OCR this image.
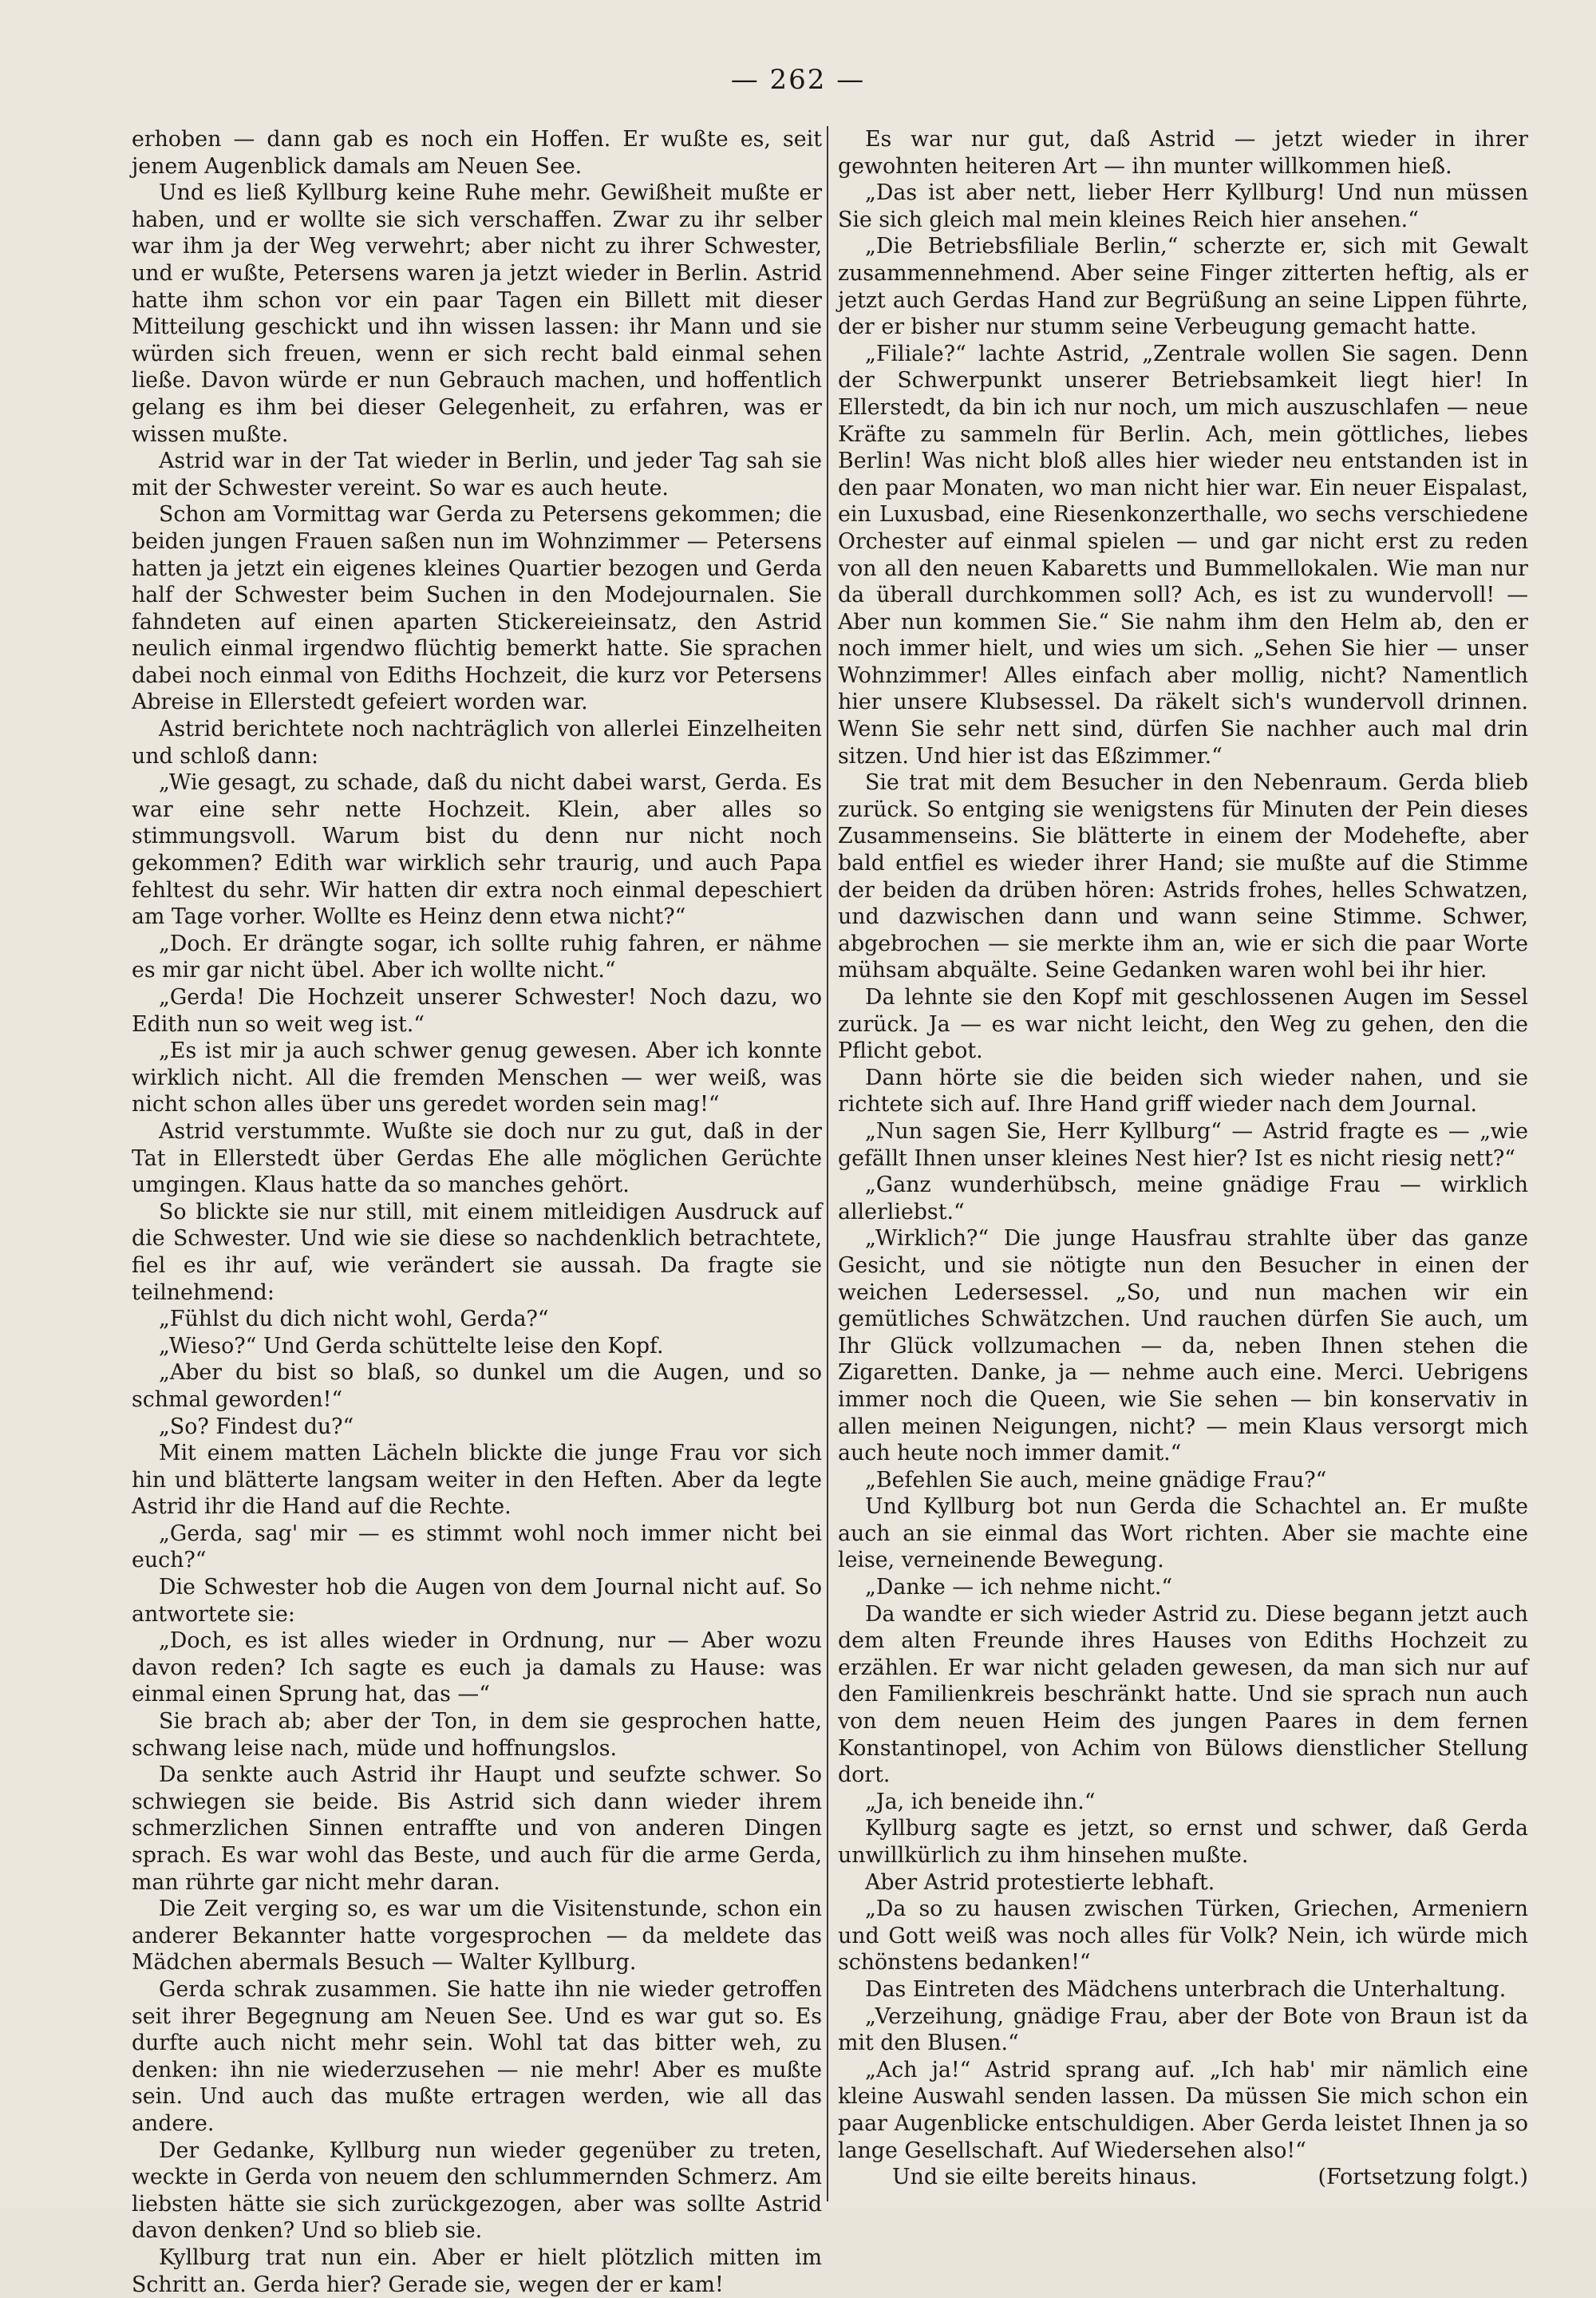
— 262 —

erhoben — dann gab es noch ein Hoffen. Er wußte es, seit jenem Augenblick damals am Neuen See.

Und es ließ Kyllburg keine Ruhe mehr. Gewißheit mußte er haben, und er wollte sie sich verschaffen. Zwar zu ihr selber war ihm ja der Weg verwehrt; aber nicht zu ihrer Schwester, und er wußte, Petersens waren ja jetzt wieder in Berlin. Astrid hatte ihm schon vor ein paar Tagen ein Billett mit dieser Mitteilung geschickt und ihn wissen lassen: ihr Mann und sie würden sich freuen, wenn er sich recht bald einmal sehen ließe. Davon würde er nun Gebrauch machen, und hoffentlich gelang es ihm bei dieser Gelegenheit, zu erfahren, was er wissen mußte.

Astrid war in der Tat wieder in Berlin, und jeder Tag sah sie mit der Schwester vereint. So war es auch heute.

Schon am Vormittag war Gerda zu Petersens gekommen; die beiden jungen Frauen saßen nun im Wohnzimmer — Petersens hatten ja jetzt ein eigenes kleines Quartier bezogen und Gerda half der Schwester beim Suchen in den Modejournalen. Sie fahndeten auf einen aparten Stickereieinsatz, den Astrid neulich einmal irgendwo flüchtig bemerkt hatte. Sie sprachen dabei noch einmal von Ediths Hochzeit, die kurz vor Petersens Abreise in Ellerstedt gefeiert worden war.

Astrid berichtete noch nachträglich von allerlei Einzelheiten und schloß dann:

„Wie gesagt, zu schade, daß du nicht dabei warst, Gerda. Es war eine sehr nette Hochzeit. Klein, aber alles so stimmungsvoll. Warum bist du denn nur nicht noch gekommen? Edith war wirklich sehr traurig, und auch Papa fehltest du sehr. Wir hatten dir extra noch einmal depeschiert am Tage vorher. Wollte es Heinz denn etwa nicht?“

„Doch. Er drängte sogar, ich sollte ruhig fahren, er nähme es mir gar nicht übel. Aber ich wollte nicht.“

„Gerda! Die Hochzeit unserer Schwester! Noch dazu, wo Edith nun so weit weg ist.“

„Es ist mir ja auch schwer genug gewesen. Aber ich konnte wirklich nicht. All die fremden Menschen — wer weiß, was nicht schon alles über uns geredet worden sein mag!“

Astrid verstummte. Wußte sie doch nur zu gut, daß in der Tat in Ellerstedt über Gerdas Ehe alle möglichen Gerüchte umgingen. Klaus hatte da so manches gehört.

So blickte sie nur still, mit einem mitleidigen Ausdruck auf die Schwester. Und wie sie diese so nachdenklich betrachtete, fiel es ihr auf, wie verändert sie aussah. Da fragte sie teilnehmend:

„Fühlst du dich nicht wohl, Gerda?“

„Wieso?“ Und Gerda schüttelte leise den Kopf.

„Aber du bist so blaß, so dunkel um die Augen, und so schmal geworden!“

„So? Findest du?“

Mit einem matten Lächeln blickte die junge Frau vor sich hin und blätterte langsam weiter in den Heften. Aber da legte Astrid ihr die Hand auf die Rechte.

„Gerda, sag' mir — es stimmt wohl noch immer nicht bei euch?“

Die Schwester hob die Augen von dem Journal nicht auf. So antwortete sie:

„Doch, es ist alles wieder in Ordnung, nur — Aber wozu davon reden? Ich sagte es euch ja damals zu Hause: was einmal einen Sprung hat, das —“

Sie brach ab; aber der Ton, in dem sie gesprochen hatte, schwang leise nach, müde und hoffnungslos.

Da senkte auch Astrid ihr Haupt und seufzte schwer. So schwiegen sie beide. Bis Astrid sich dann wieder ihrem schmerzlichen Sinnen entraffte und von anderen Dingen sprach. Es war wohl das Beste, und auch für die arme Gerda, man rührte gar nicht mehr daran.

Die Zeit verging so, es war um die Visitenstunde, schon ein anderer Bekannter hatte vorgesprochen — da meldete das Mädchen abermals Besuch — Walter Kyllburg.

Gerda schrak zusammen. Sie hatte ihn nie wieder getroffen seit ihrer Begegnung am Neuen See. Und es war gut so. Es durfte auch nicht mehr sein. Wohl tat das bitter weh, zu denken: ihn nie wiederzusehen — nie mehr! Aber es mußte sein. Und auch das mußte ertragen werden, wie all das andere.

Der Gedanke, Kyllburg nun wieder gegenüber zu treten, weckte in Gerda von neuem den schlummernden Schmerz. Am liebsten hätte sie sich zurückgezogen, aber was sollte Astrid davon denken? Und so blieb sie.

Kyllburg trat nun ein. Aber er hielt plötzlich mitten im Schritt an. Gerda hier? Gerade sie, wegen der er kam!

Es war nur gut, daß Astrid — jetzt wieder in ihrer gewohnten heiteren Art — ihn munter willkommen hieß.

„Das ist aber nett, lieber Herr Kyllburg! Und nun müssen Sie sich gleich mal mein kleines Reich hier ansehen.“

„Die Betriebsfiliale Berlin,“ scherzte er, sich mit Gewalt zusammennehmend. Aber seine Finger zitterten heftig, als er jetzt auch Gerdas Hand zur Begrüßung an seine Lippen führte, der er bisher nur stumm seine Verbeugung gemacht hatte.

„Filiale?“ lachte Astrid, „Zentrale wollen Sie sagen. Denn der Schwerpunkt unserer Betriebsamkeit liegt hier! In Ellerstedt, da bin ich nur noch, um mich auszuschlafen — neue Kräfte zu sammeln für Berlin. Ach, mein göttliches, liebes Berlin! Was nicht bloß alles hier wieder neu entstanden ist in den paar Monaten, wo man nicht hier war. Ein neuer Eispalast, ein Luxusbad, eine Riesenkonzerthalle, wo sechs verschiedene Orchester auf einmal spielen — und gar nicht erst zu reden von all den neuen Kabaretts und Bummellokalen. Wie man nur da überall durchkommen soll? Ach, es ist zu wundervoll! — Aber nun kommen Sie.“ Sie nahm ihm den Helm ab, den er noch immer hielt, und wies um sich. „Sehen Sie hier — unser Wohnzimmer! Alles einfach aber mollig, nicht? Namentlich hier unsere Klubsessel. Da räkelt sich's wundervoll drinnen. Wenn Sie sehr nett sind, dürfen Sie nachher auch mal drin sitzen. Und hier ist das Eßzimmer.“

Sie trat mit dem Besucher in den Nebenraum. Gerda blieb zurück. So entging sie wenigstens für Minuten der Pein dieses Zusammenseins. Sie blätterte in einem der Modehefte, aber bald entfiel es wieder ihrer Hand; sie mußte auf die Stimme der beiden da drüben hören: Astrids frohes, helles Schwatzen, und dazwischen dann und wann seine Stimme. Schwer, abgebrochen — sie merkte ihm an, wie er sich die paar Worte mühsam abquälte. Seine Gedanken waren wohl bei ihr hier.

Da lehnte sie den Kopf mit geschlossenen Augen im Sessel zurück. Ja — es war nicht leicht, den Weg zu gehen, den die Pflicht gebot.

Dann hörte sie die beiden sich wieder nahen, und sie richtete sich auf. Ihre Hand griff wieder nach dem Journal.

„Nun sagen Sie, Herr Kyllburg“ — Astrid fragte es — „wie gefällt Ihnen unser kleines Nest hier? Ist es nicht riesig nett?“

„Ganz wunderhübsch, meine gnädige Frau — wirklich allerliebst.“

„Wirklich?“ Die junge Hausfrau strahlte über das ganze Gesicht, und sie nötigte nun den Besucher in einen der weichen Ledersessel. „So, und nun machen wir ein gemütliches Schwätzchen. Und rauchen dürfen Sie auch, um Ihr Glück vollzumachen — da, neben Ihnen stehen die Zigaretten. Danke, ja — nehme auch eine. Merci. Uebrigens immer noch die Queen, wie Sie sehen — bin konservativ in allen meinen Neigungen, nicht? — mein Klaus versorgt mich auch heute noch immer damit.“

„Befehlen Sie auch, meine gnädige Frau?“

Und Kyllburg bot nun Gerda die Schachtel an. Er mußte auch an sie einmal das Wort richten. Aber sie machte eine leise, verneinende Bewegung.

„Danke — ich nehme nicht.“

Da wandte er sich wieder Astrid zu. Diese begann jetzt auch dem alten Freunde ihres Hauses von Ediths Hochzeit zu erzählen. Er war nicht geladen gewesen, da man sich nur auf den Familienkreis beschränkt hatte. Und sie sprach nun auch von dem neuen Heim des jungen Paares in dem fernen Konstantinopel, von Achim von Bülows dienstlicher Stellung dort.

„Ja, ich beneide ihn.“

Kyllburg sagte es jetzt, so ernst und schwer, daß Gerda unwillkürlich zu ihm hinsehen mußte.

Aber Astrid protestierte lebhaft.

„Da so zu hausen zwischen Türken, Griechen, Armeniern und Gott weiß was noch alles für Volk? Nein, ich würde mich schönstens bedanken!“

Das Eintreten des Mädchens unterbrach die Unterhaltung.

„Verzeihung, gnädige Frau, aber der Bote von Braun ist da mit den Blusen.“

„Ach ja!“ Astrid sprang auf. „Ich hab' mir nämlich eine kleine Auswahl senden lassen. Da müssen Sie mich schon ein paar Augenblicke entschuldigen. Aber Gerda leistet Ihnen ja so lange Gesellschaft. Auf Wiedersehen also!“

Und sie eilte bereits hinaus.	(Fortsetzung folgt.)
